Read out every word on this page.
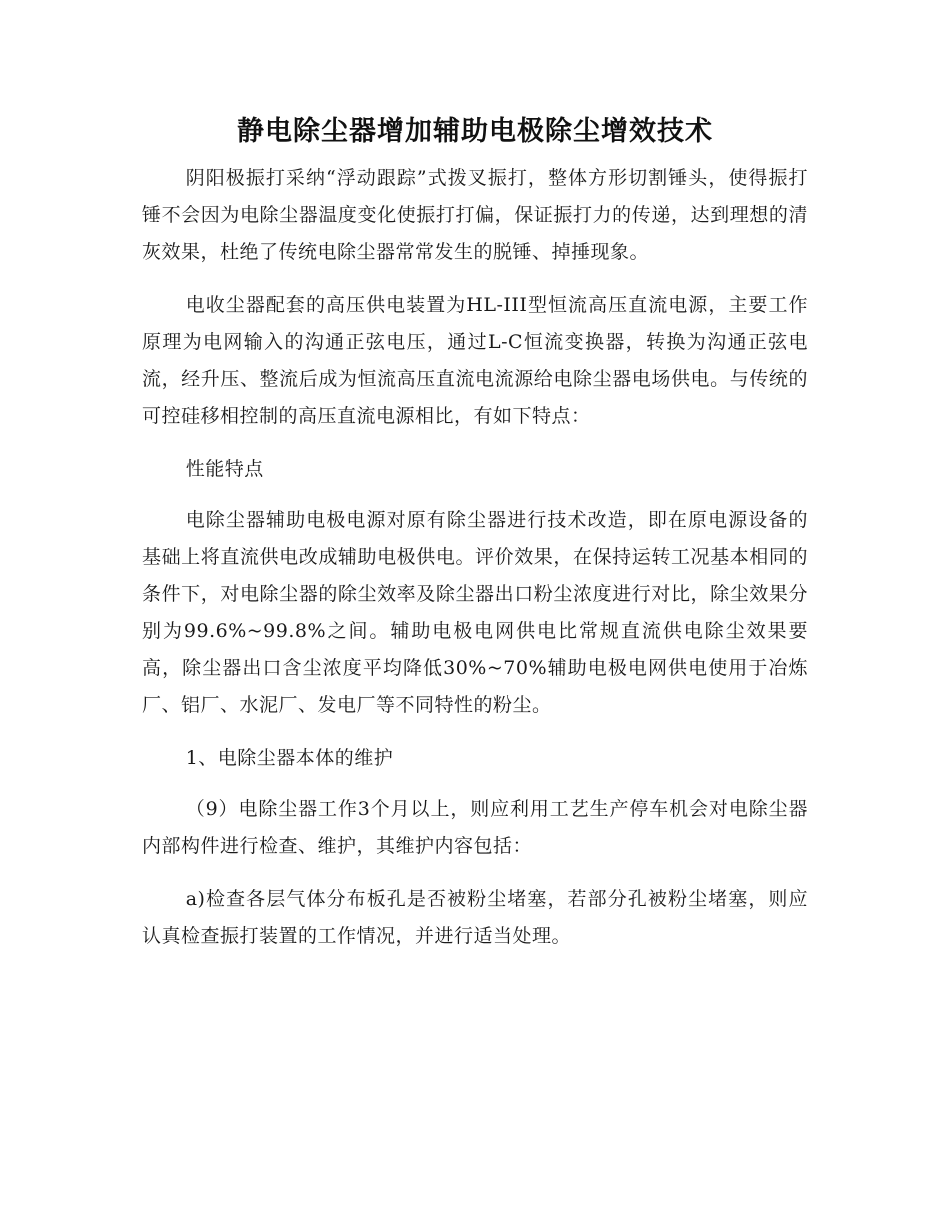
静电除尘器增加辅助电极除尘增效技术

阴阳极振打采纳“浮动跟踪”式拨叉振打，整体方形切割锤头，使得振打锤不会因为电除尘器温度变化使振打打偏，保证振打力的传递，达到理想的清灰效果，杜绝了传统电除尘器常常发生的脱锤、掉捶现象。

电收尘器配套的高压供电装置为HL-III型恒流高压直流电源，主要工作原理为电网输入的沟通正弦电压，通过L-C恒流变换器，转换为沟通正弦电流，经升压、整流后成为恒流高压直流电流源给电除尘器电场供电。与传统的可控硅移相控制的高压直流电源相比，有如下特点：

性能特点

电除尘器辅助电极电源对原有除尘器进行技术改造，即在原电源设备的基础上将直流供电改成辅助电极供电。评价效果，在保持运转工况基本相同的条件下，对电除尘器的除尘效率及除尘器出口粉尘浓度进行对比，除尘效果分别为99.6%~99.8%之间。辅助电极电网供电比常规直流供电除尘效果要高，除尘器出口含尘浓度平均降低30%~70%辅助电极电网供电使用于冶炼厂、铝厂、水泥厂、发电厂等不同特性的粉尘。

1、电除尘器本体的维护

（9）电除尘器工作3个月以上，则应利用工艺生产停车机会对电除尘器内部构件进行检查、维护，其维护内容包括：

a)检查各层气体分布板孔是否被粉尘堵塞，若部分孔被粉尘堵塞，则应认真检查振打装置的工作情况，并进行适当处理。
